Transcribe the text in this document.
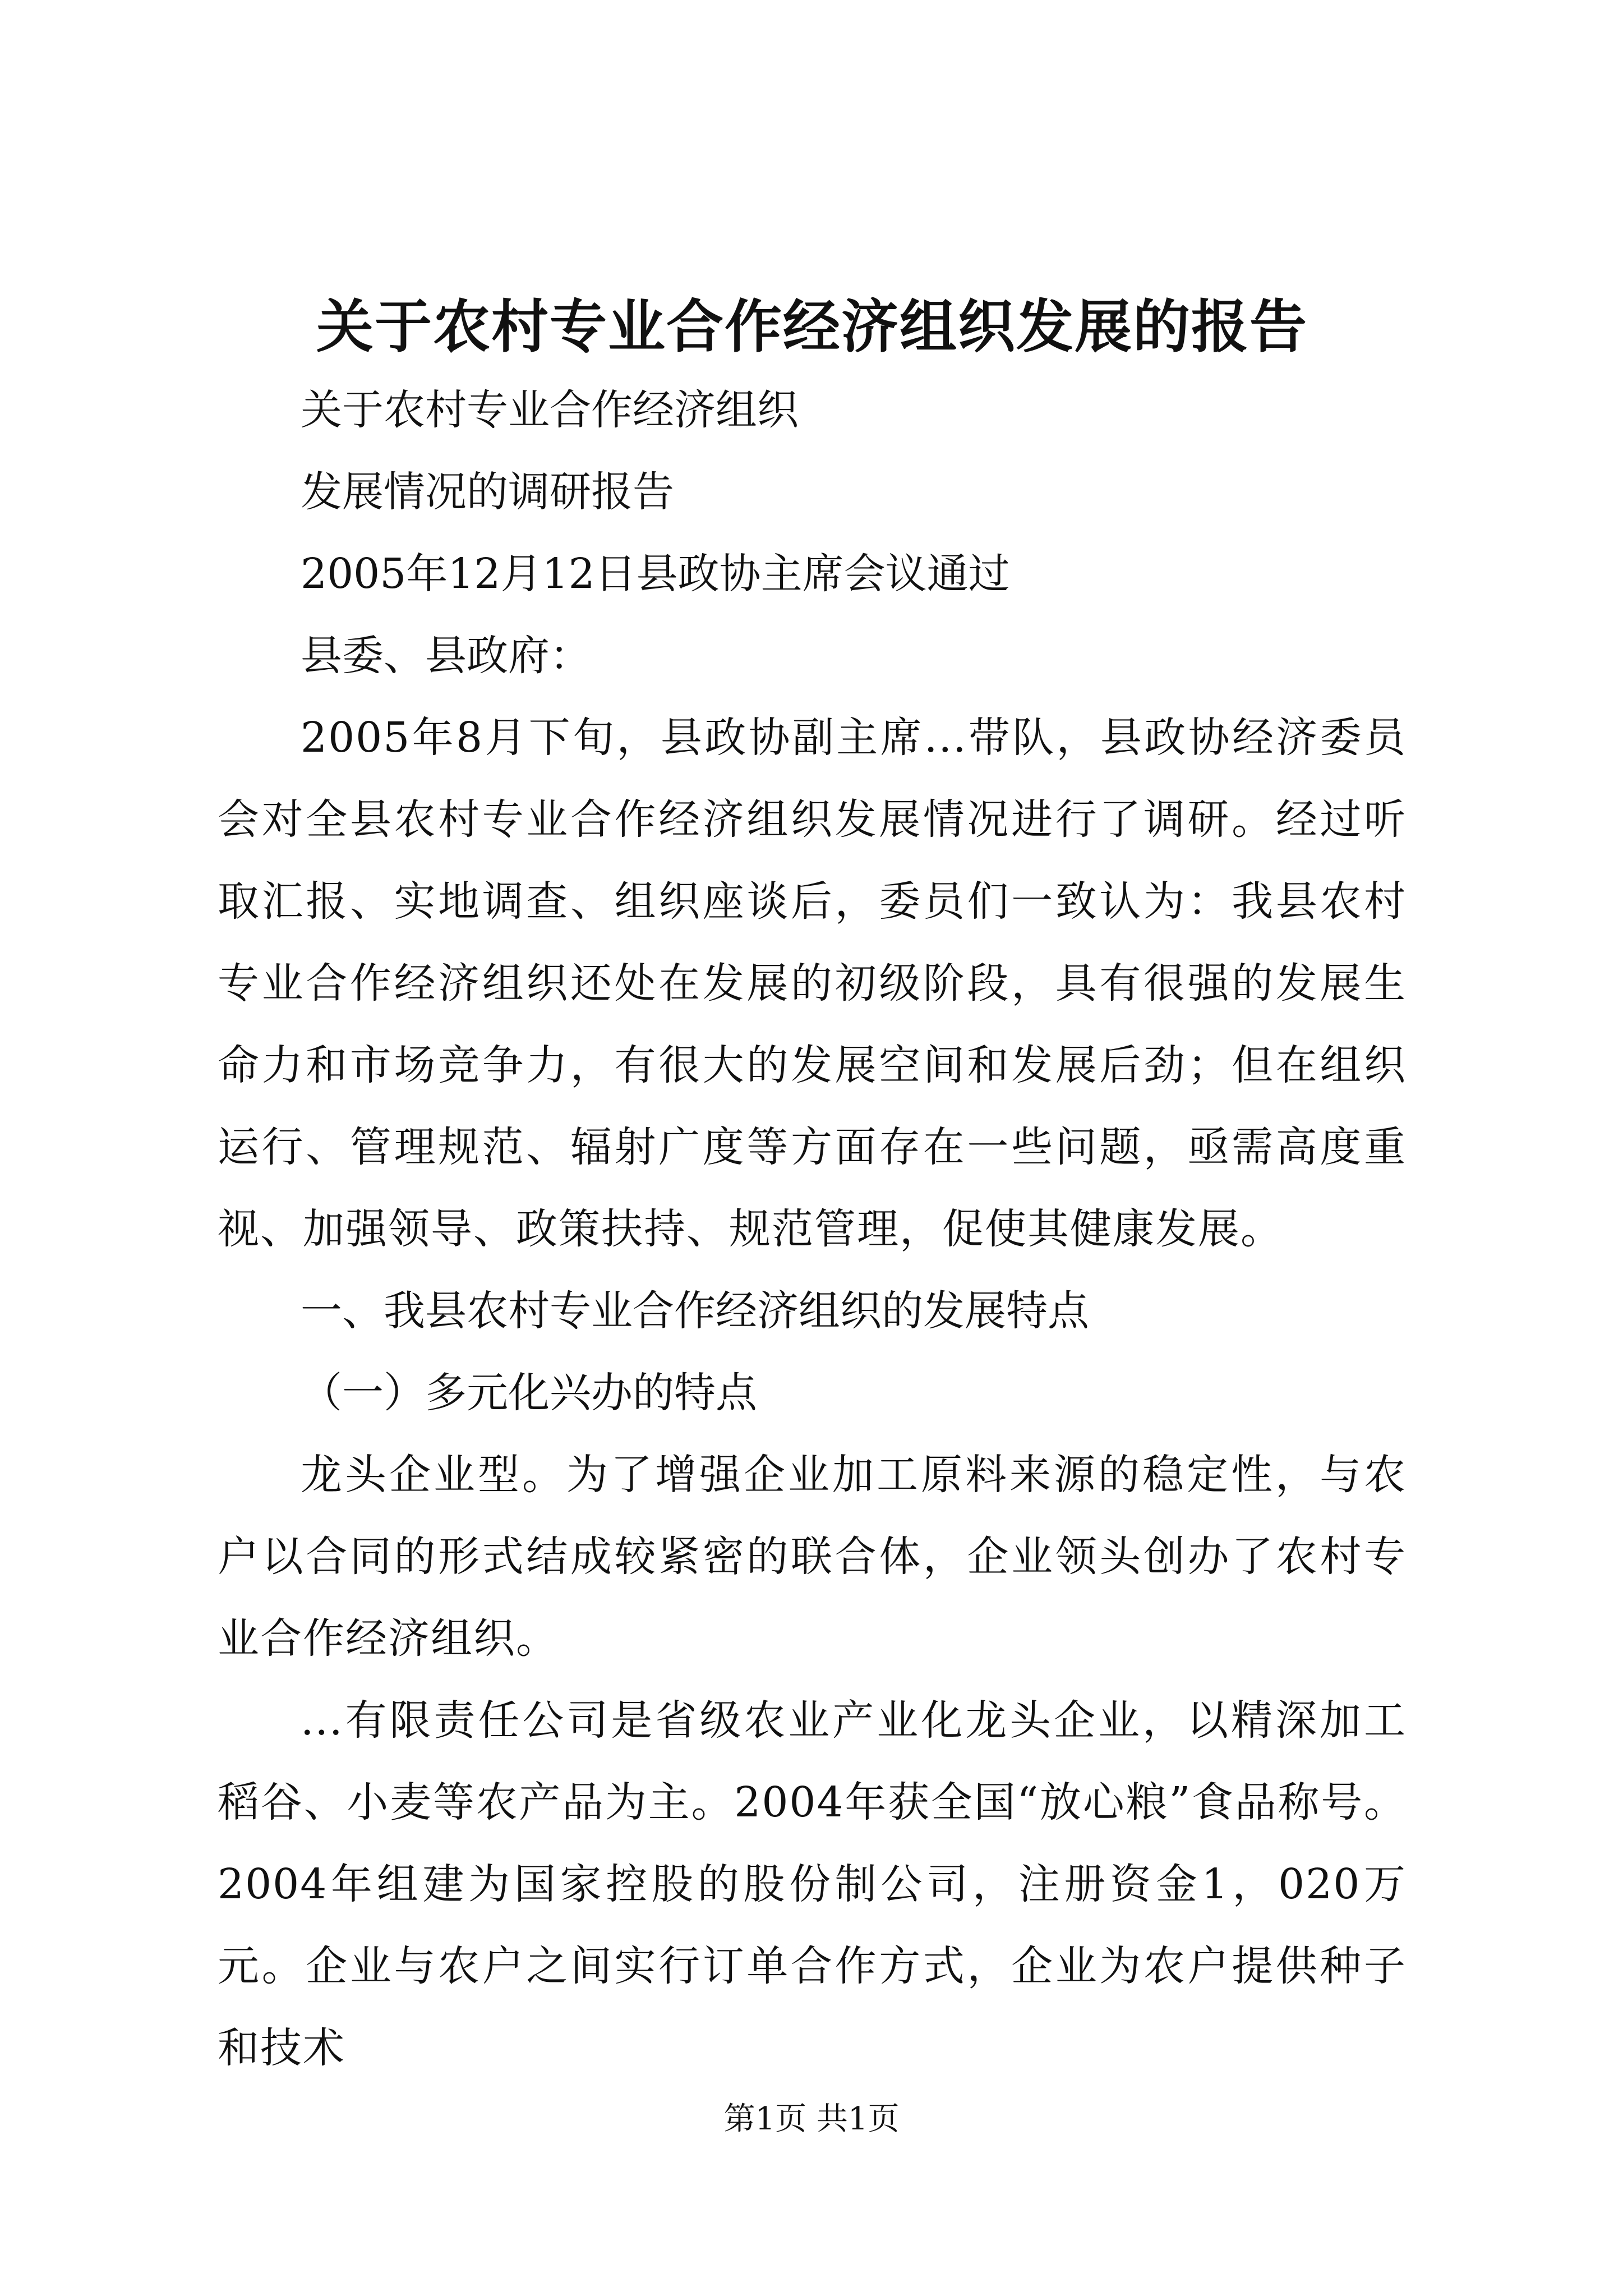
关于农村专业合作经济组织发展的报告

关于农村专业合作经济组织

发展情况的调研报告

2005年12月12日县政协主席会议通过

县委、县政府：

2005年8月下旬，县政协副主席...带队，县政协经济委员会对全县农村专业合作经济组织发展情况进行了调研。经过听取汇报、实地调查、组织座谈后，委员们一致认为：我县农村专业合作经济组织还处在发展的初级阶段，具有很强的发展生命力和市场竞争力，有很大的发展空间和发展后劲；但在组织运行、管理规范、辐射广度等方面存在一些问题，亟需高度重视、加强领导、政策扶持、规范管理，促使其健康发展。

一、我县农村专业合作经济组织的发展特点

（一）多元化兴办的特点

龙头企业型。为了增强企业加工原料来源的稳定性，与农户以合同的形式结成较紧密的联合体，企业领头创办了农村专业合作经济组织。

...有限责任公司是省级农业产业化龙头企业，以精深加工稻谷、小麦等农产品为主。2004年获全国“放心粮”食品称号。2004年组建为国家控股的股份制公司，注册资金1，020万元。企业与农户之间实行订单合作方式，企业为农户提供种子和技术

第1页 共1页
